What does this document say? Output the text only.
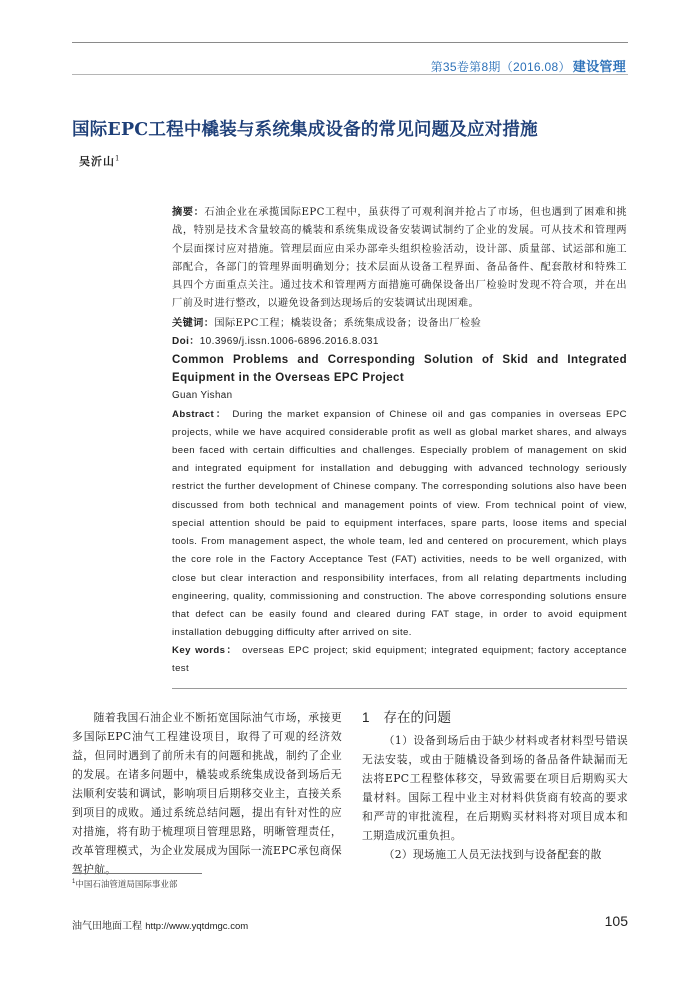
第35卷第8期（2016.08） 建设管理
国际EPC工程中橇装与系统集成设备的常见问题及应对措施
吴沂山$^1$

摘要：石油企业在承揽国际EPC工程中，虽获得了可观利润并抢占了市场，但也遇到了困难和挑战，特别是技术含量较高的橇装和系统集成设备安装调试制约了企业的发展。可从技术和管理两个层面探讨应对措施。管理层面应由采办部牵头组织检验活动，设计部、质量部、试运部和施工部配合，各部门的管理界面明确划分；技术层面从设备工程界面、备品备件、配套散材和特殊工具四个方面重点关注。通过技术和管理两方面措施可确保设备出厂检验时发现不符合项，并在出厂前及时进行整改，以避免设备到达现场后的安装调试出现困难。

关键词：国际EPC工程；橇装设备；系统集成设备；设备出厂检验

Doi：10.3969/j.issn.1006-6896.2016.8.031

Common Problems and Corresponding Solution of Skid and Integrated Equipment in the Overseas EPC Project

Guan Yishan

Abstract： During the market expansion of Chinese oil and gas companies in overseas EPC projects, while we have acquired considerable profit as well as global market shares, and always been faced with certain difficulties and challenges. Especially problem of management on skid and integrated equipment for installation and debugging with advanced technology seriously restrict the further development of Chinese company. The corresponding solutions also have been discussed from both technical and management points of view. From technical point of view, special attention should be paid to equipment interfaces, spare parts, loose items and special tools. From management aspect, the whole team, led and centered on procurement, which plays the core role in the Factory Acceptance Test (FAT) activities, needs to be well organized, with close but clear interaction and responsibility interfaces, from all relating departments including engineering, quality, commissioning and construction. The above corresponding solutions ensure that defect can be easily found and cleared during FAT stage, in order to avoid equipment installation debugging difficulty after arrived on site.

Key words： overseas EPC project; skid equipment; integrated equipment; factory acceptance test

随着我国石油企业不断拓宽国际油气市场，承接更多国际EPC油气工程建设项目，取得了可观的经济效益，但同时遇到了前所未有的问题和挑战，制约了企业的发展。在诸多问题中，橇装或系统集成设备到场后无法顺利安装和调试，影响项目后期移交业主，直接关系到项目的成败。通过系统总结问题，提出有针对性的应对措施，将有助于梳理项目管理思路，明晰管理责任，改革管理模式，为企业发展成为国际一流EPC承包商保驾护航。

1 存在的问题

（1）设备到场后由于缺少材料或者材料型号错误无法安装，或由于随橇设备到场的备品备件缺漏而无法将EPC工程整体移交，导致需要在项目后期购买大量材料。国际工程中业主对材料供货商有较高的要求和严苛的审批流程，在后期购买材料将对项目成本和工期造成沉重负担。

（2）现场施工人员无法找到与设备配套的散

$^1$中国石油管道局国际事业部
油气田地面工程 http://www.yqtdmgc.com	105
